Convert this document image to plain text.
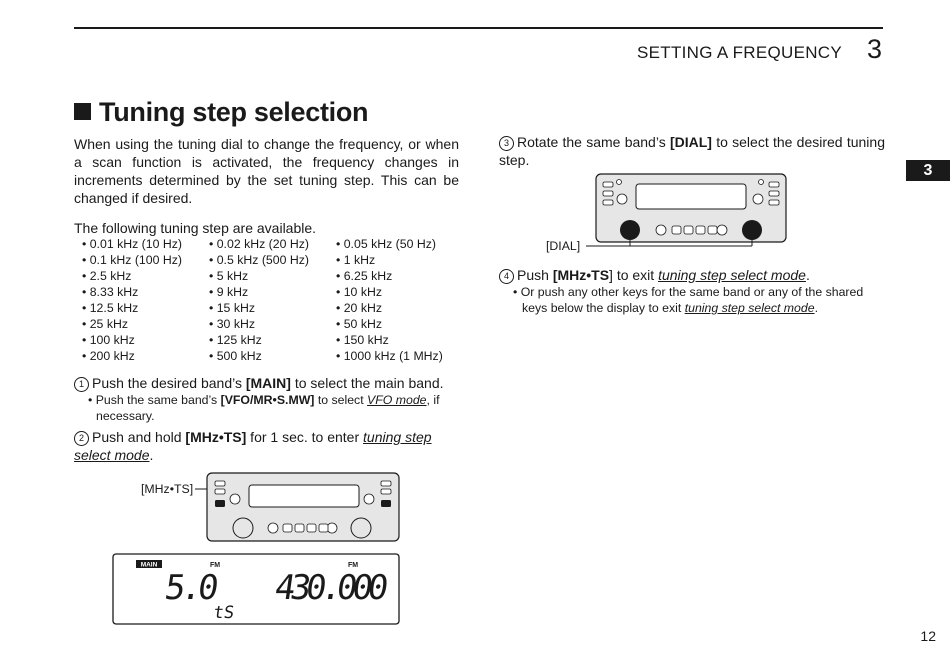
SETTING A FREQUENCY 3
3
12
Tuning step selection

When using the tuning dial to change the frequency, or when a scan function is activated, the frequency changes in increments determined by the set tuning step. This can be changed if desired.

The following tuning step are available.
• 0.01 kHz (10 Hz)	• 0.02 kHz (20 Hz)	• 0.05 kHz (50 Hz)
• 0.1 kHz (100 Hz)	• 0.5 kHz (500 Hz)	• 1 kHz
• 2.5 kHz	• 5 kHz	• 6.25 kHz
• 8.33 kHz	• 9 kHz	• 10 kHz
• 12.5 kHz	• 15 kHz	• 20 kHz
• 25 kHz	• 30 kHz	• 50 kHz
• 100 kHz	• 125 kHz	• 150 kHz
• 200 kHz	• 500 kHz	• 1000 kHz (1 MHz)
1 Push the desired band’s [MAIN] to select the main band.
• Push the same band’s [VFO/MR•S.MW] to select VFO mode, if necessary.
2 Push and hold [MHz•TS] for 1 sec. to enter tuning step select mode.
3 Rotate the same band’s [DIAL] to select the desired tuning step.
4 Push [MHz•TS] to exit tuning step select mode.
• Or push any other keys for the same band or any of the shared keys below the display to exit tuning step select mode.
[MHz•TS]
[DIAL]
MAIN	FM	FM
5.0 430.000
tS
